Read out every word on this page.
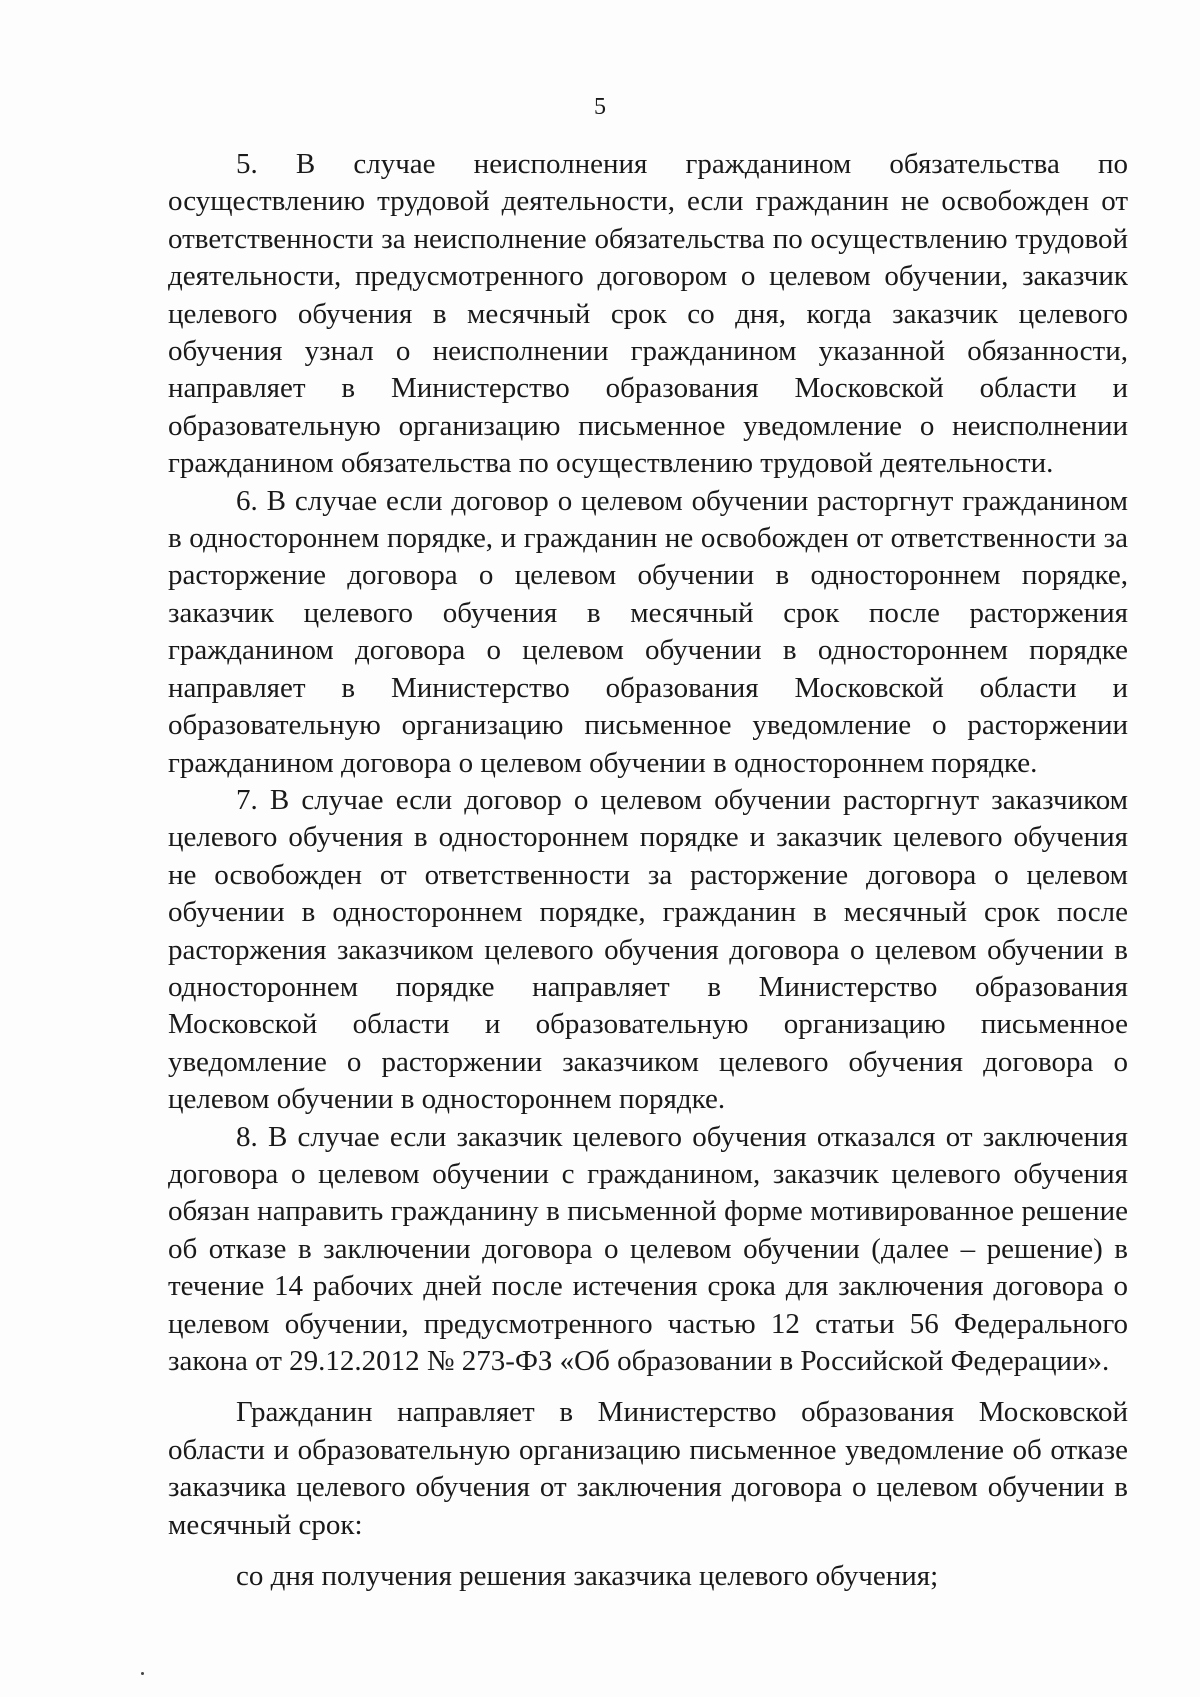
5

5. В случае неисполнения гражданином обязательства по осуществлению трудовой деятельности, если гражданин не освобожден от ответственности за неисполнение обязательства по осуществлению трудовой деятельности, предусмотренного договором о целевом обучении, заказчик целевого обучения в месячный срок со дня, когда заказчик целевого обучения узнал о неисполнении гражданином указанной обязанности, направляет в Министерство образования Московской области и образовательную организацию письменное уведомление о неисполнении гражданином обязательства по осуществлению трудовой деятельности.

6. В случае если договор о целевом обучении расторгнут гражданином в одностороннем порядке, и гражданин не освобожден от ответственности за расторжение договора о целевом обучении в одностороннем порядке, заказчик целевого обучения в месячный срок после расторжения гражданином договора о целевом обучении в одностороннем порядке направляет в Министерство образования Московской области и образовательную организацию письменное уведомление о расторжении гражданином договора о целевом обучении в одностороннем порядке.

7. В случае если договор о целевом обучении расторгнут заказчиком целевого обучения в одностороннем порядке и заказчик целевого обучения не освобожден от ответственности за расторжение договора о целевом обучении в одностороннем порядке, гражданин в месячный срок после расторжения заказчиком целевого обучения договора о целевом обучении в одностороннем порядке направляет в Министерство образования Московской области и образовательную организацию письменное уведомление о расторжении заказчиком целевого обучения договора о целевом обучении в одностороннем порядке.

8. В случае если заказчик целевого обучения отказался от заключения договора о целевом обучении с гражданином, заказчик целевого обучения обязан направить гражданину в письменной форме мотивированное решение об отказе в заключении договора о целевом обучении (далее – решение) в течение 14 рабочих дней после истечения срока для заключения договора о целевом обучении, предусмотренного частью 12 статьи 56 Федерального закона от 29.12.2012 № 273-ФЗ «Об образовании в Российской Федерации».

Гражданин направляет в Министерство образования Московской области и образовательную организацию письменное уведомление об отказе заказчика целевого обучения от заключения договора о целевом обучении в месячный срок:

со дня получения решения заказчика целевого обучения;
